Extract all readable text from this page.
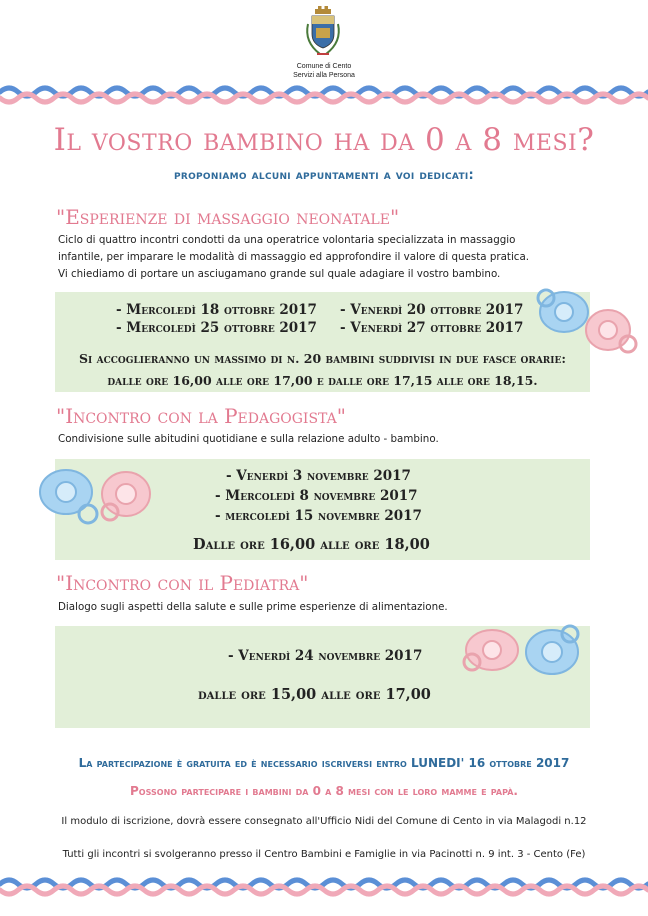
Comune di Cento
Servizi alla Persona
Il vostro bambino ha da 0 a 8 mesi?
proponiamo alcuni appuntamenti a voi dedicati:
"Esperienze di massaggio neonatale"
Ciclo di quattro incontri condotti da una operatrice volontaria specializzata in massaggio
infantile, per imparare le modalità di massaggio ed approfondire il valore di questa pratica.
Vi chiediamo di portare un asciugamano grande sul quale adagiare il vostro bambino.
- Mercoledì 18 ottobre 2017 - Venerdì 20 ottobre 2017
- Mercoledì 25 ottobre 2017 - Venerdì 27 ottobre 2017
Si accoglieranno un massimo di n. 20 bambini suddivisi in due fasce orarie:
dalle ore 16,00 alle ore 17,00 e dalle ore 17,15 alle ore 18,15.
"Incontro con la Pedagogista"
Condivisione sulle abitudini quotidiane e sulla relazione adulto - bambino.
- Venerdì 3 novembre 2017
- Mercoledì 8 novembre 2017
- mercoledì 15 novembre 2017
Dalle ore 16,00 alle ore 18,00
"Incontro con il Pediatra"
Dialogo sugli aspetti della salute e sulle prime esperienze di alimentazione.
- Venerdì 24 novembre 2017
dalle ore 15,00 alle ore 17,00
La partecipazione è gratuita ed è necessario iscriversi entro LUNEDI' 16 ottobre 2017
Possono partecipare i bambini da 0 a 8 mesi con le loro mamme e papà.
Il modulo di iscrizione, dovrà essere consegnato all'Ufficio Nidi del Comune di Cento in via Malagodi n.12
Tutti gli incontri si svolgeranno presso il Centro Bambini e Famiglie in via Pacinotti n. 9 int. 3 - Cento (Fe)
